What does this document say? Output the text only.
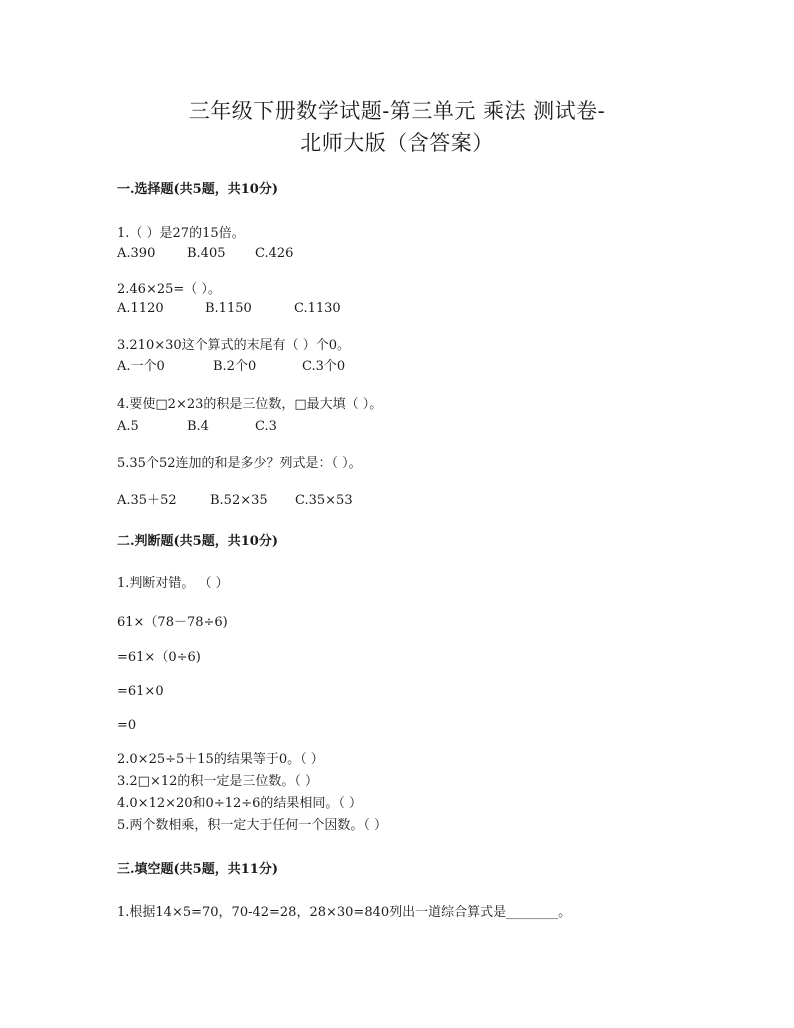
三年级下册数学试题-第三单元 乘法 测试卷-
北师大版（含答案）
一.选择题(共5题，共10分)
1.（ ）是27的15倍。
A.390 B.405 C.426
2.46×25=（ ）。
A.1120	B.1150	C.1130
3.210×30这个算式的末尾有（ ）个0。
A.一个0	B.2个0	C.3个0
4.要使□2×23的积是三位数，□最大填（ ）。
A.5	B.4	C.3
5.35个52连加的和是多少？列式是：（ ）。
A.35＋52	B.52×35 C.35×53
二.判断题(共5题，共10分)
1.判断对错。 （ ）
61×（78－78÷6)
=61×（0÷6)
=61×0
=0
2.0×25÷5＋15的结果等于0。（ ）
3.2□×12的积一定是三位数。（ ）
4.0×12×20和0÷12÷6的结果相同。（ ）
5.两个数相乘，积一定大于任何一个因数。（ ）
三.填空题(共5题，共11分)
1.根据14×5=70，70-42=28，28×30=840列出一道综合算式是________。
